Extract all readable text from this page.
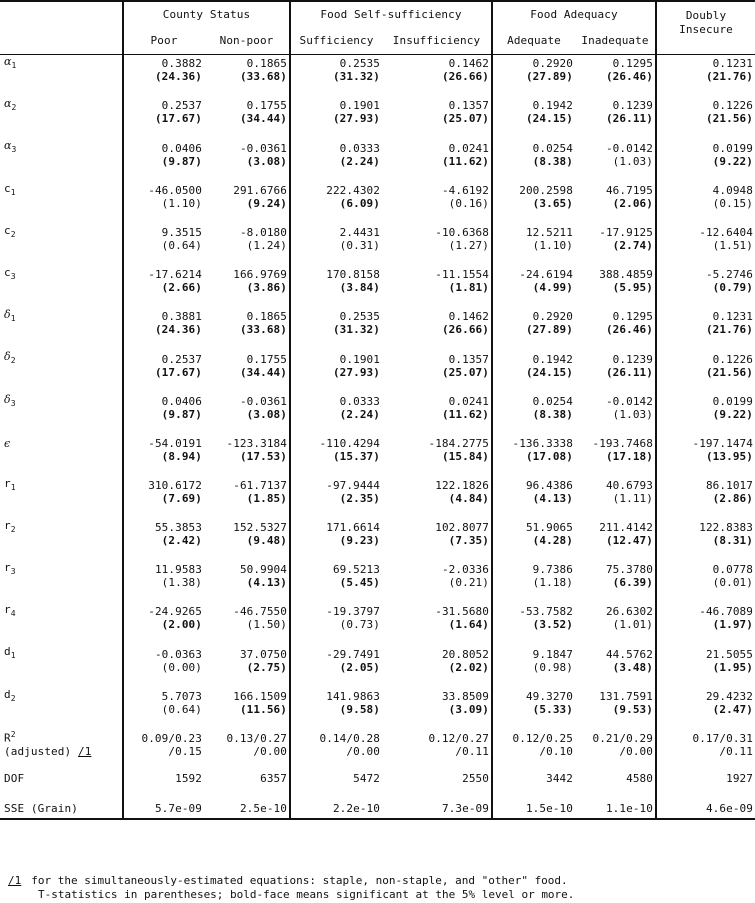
	County Status		Food Self-sufficiency		Food Adequacy		Doubly Insecure
	Poor	Non-poor	Sufficiency	Insufficiency	Adequate	Inadequate	
$\alpha_1$	0.3882	0.1865	0.2535	0.1462	0.2920	0.1295	0.1231
	(24.36)	(33.68)	(31.32)	(26.66)	(27.89)	(26.46)	(21.76)
$\alpha_2$	0.2537	0.1755	0.1901	0.1357	0.1942	0.1239	0.1226
	(17.67)	(34.44)	(27.93)	(25.07)	(24.15)	(26.11)	(21.56)
$\alpha_3$	0.0406	-0.0361	0.0333	0.0241	0.0254	-0.0142	0.0199
	(9.87)	(3.08)	(2.24)	(11.62)	(8.38)	(1.03)	(9.22)
$c_1$	-46.0500	291.6766	222.4302	-4.6192	200.2598	46.7195	4.0948
	(1.10)	(9.24)	(6.09)	(0.16)	(3.65)	(2.06)	(0.15)
$c_2$	9.3515	-8.0180	2.4431	-10.6368	12.5211	-17.9125	-12.6404
	(0.64)	(1.24)	(0.31)	(1.27)	(1.10)	(2.74)	(1.51)
$c_3$	-17.6214	166.9769	170.8158	-11.1554	-24.6194	388.4859	-5.2746
	(2.66)	(3.86)	(3.84)	(1.81)	(4.99)	(5.95)	(0.79)
$\delta_1$	0.3881	0.1865	0.2535	0.1462	0.2920	0.1295	0.1231
	(24.36)	(33.68)	(31.32)	(26.66)	(27.89)	(26.46)	(21.76)
$\delta_2$	0.2537	0.1755	0.1901	0.1357	0.1942	0.1239	0.1226
	(17.67)	(34.44)	(27.93)	(25.07)	(24.15)	(26.11)	(21.56)
$\delta_3$	0.0406	-0.0361	0.0333	0.0241	0.0254	-0.0142	0.0199
	(9.87)	(3.08)	(2.24)	(11.62)	(8.38)	(1.03)	(9.22)
ϵ	-54.0191	-123.3184	-110.4294	-184.2775	-136.3338	-193.7468	-197.1474
	(8.94)	(17.53)	(15.37)	(15.84)	(17.08)	(17.18)	(13.95)
$r_1$	310.6172	-61.7137	-97.9444	122.1826	96.4386	40.6793	86.1017
	(7.69)	(1.85)	(2.35)	(4.84)	(4.13)	(1.11)	(2.86)
$r_2$	55.3853	152.5327	171.6614	102.8077	51.9065	211.4142	122.8383
	(2.42)	(9.48)	(9.23)	(7.35)	(4.28)	(12.47)	(8.31)
$r_3$	11.9583	50.9904	69.5213	-2.0336	9.7386	75.3780	0.0778
	(1.38)	(4.13)	(5.45)	(0.21)	(1.18)	(6.39)	(0.01)
$r_4$	-24.9265	-46.7550	-19.3797	-31.5680	-53.7582	26.6302	-46.7089
	(2.00)	(1.50)	(0.73)	(1.64)	(3.52)	(1.01)	(1.97)
$d_1$	-0.0363	37.0750	-29.7491	20.8052	9.1847	44.5762	21.5055
	(0.00)	(2.75)	(2.05)	(2.02)	(0.98)	(3.48)	(1.95)
$d_2$	5.7073	166.1509	141.9863	33.8509	49.3270	131.7591	29.4232
	(0.64)	(11.56)	(9.58)	(3.09)	(5.33)	(9.53)	(2.47)
$R^2$	0.09/0.23	0.13/0.27	0.14/0.28	0.12/0.27	0.12/0.25	0.21/0.29	0.17/0.31
(adjusted) /1	/0.15	/0.00	/0.00	/0.11	/0.10	/0.00	/0.11
DOF	1592	6357	5472	2550	3442	4580	1927
SSE (Grain)	5.7e-09	2.5e-10	2.2e-10	7.3e-09	1.5e-10	1.1e-10	4.6e-09
/1 for the simultaneously-estimated equations: staple, non-staple, and "other" food.
T-statistics in parentheses; bold-face means significant at the 5% level or more.
